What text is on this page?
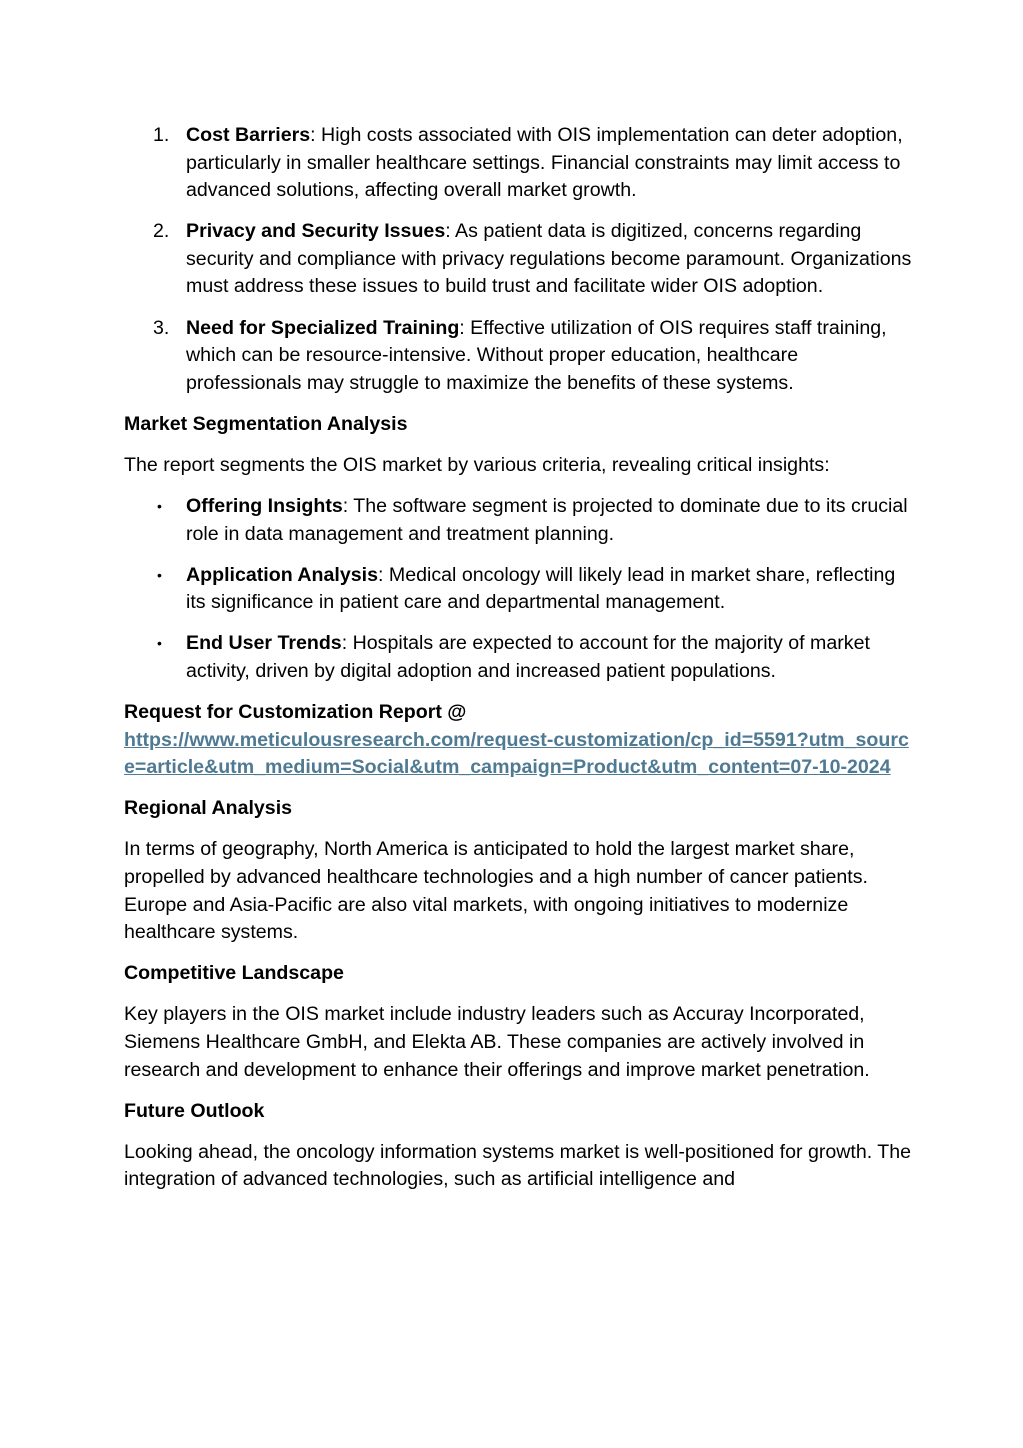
1. Cost Barriers: High costs associated with OIS implementation can deter adoption, particularly in smaller healthcare settings. Financial constraints may limit access to advanced solutions, affecting overall market growth.
2. Privacy and Security Issues: As patient data is digitized, concerns regarding security and compliance with privacy regulations become paramount. Organizations must address these issues to build trust and facilitate wider OIS adoption.
3. Need for Specialized Training: Effective utilization of OIS requires staff training, which can be resource-intensive. Without proper education, healthcare professionals may struggle to maximize the benefits of these systems.
Market Segmentation Analysis

The report segments the OIS market by various criteria, revealing critical insights:

• Offering Insights: The software segment is projected to dominate due to its crucial role in data management and treatment planning.
• Application Analysis: Medical oncology will likely lead in market share, reflecting its significance in patient care and departmental management.
• End User Trends: Hospitals are expected to account for the majority of market activity, driven by digital adoption and increased patient populations.

Request for Customization Report @
https://www.meticulousresearch.com/request-customization/cp_id=5591?utm_source=article&utm_medium=Social&utm_campaign=Product&utm_content=07-10-2024

Regional Analysis

In terms of geography, North America is anticipated to hold the largest market share, propelled by advanced healthcare technologies and a high number of cancer patients. Europe and Asia-Pacific are also vital markets, with ongoing initiatives to modernize healthcare systems.

Competitive Landscape

Key players in the OIS market include industry leaders such as Accuray Incorporated, Siemens Healthcare GmbH, and Elekta AB. These companies are actively involved in research and development to enhance their offerings and improve market penetration.

Future Outlook

Looking ahead, the oncology information systems market is well-positioned for growth. The integration of advanced technologies, such as artificial intelligence and
